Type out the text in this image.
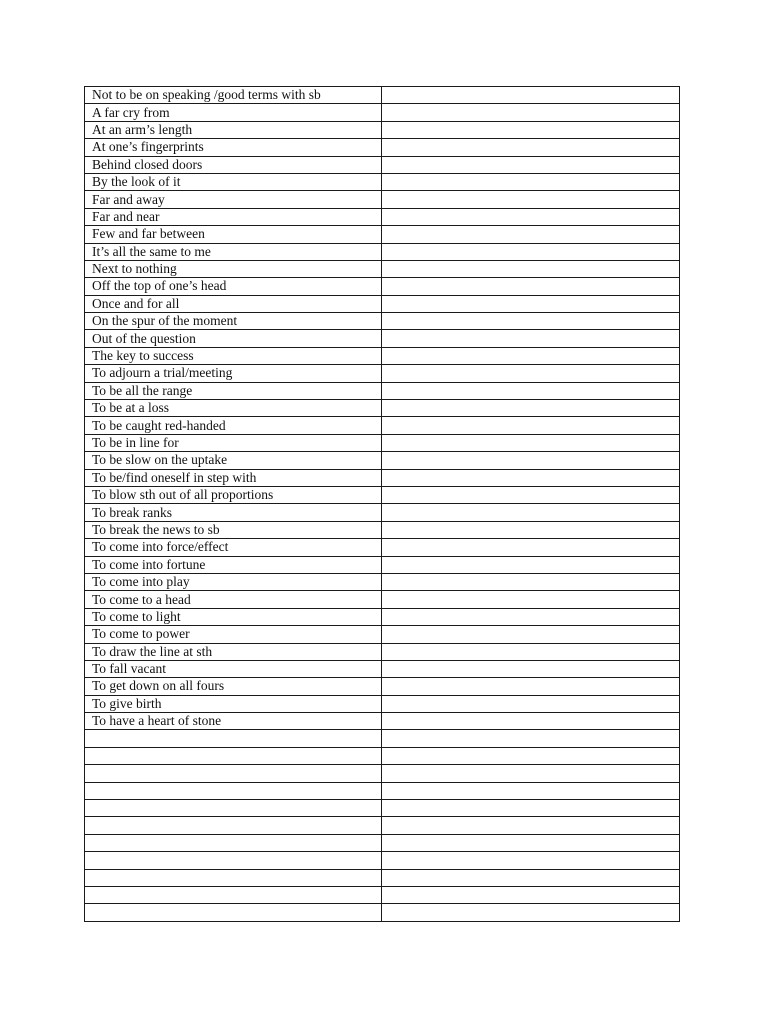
Not to be on speaking /good terms with sb	
A far cry from	
At an arm’s length	
At one’s fingerprints	
Behind closed doors	
By the look of it	
Far and away	
Far and near	
Few and far between	
It’s all the same to me	
Next to nothing	
Off the top of one’s head	
Once and for all	
On the spur of the moment	
Out of the question	
The key to success	
To adjourn a trial/meeting	
To be all the range	
To be at a loss	
To be caught red-handed	
To be in line for	
To be slow on the uptake	
To be/find oneself in step with	
To blow sth out of all proportions	
To break ranks	
To break the news to sb	
To come into force/effect	
To come into fortune	
To come into play	
To come to a head	
To come to light	
To come to power	
To draw the line at sth	
To fall vacant	
To get down on all fours	
To give birth	
To have a heart of stone	
